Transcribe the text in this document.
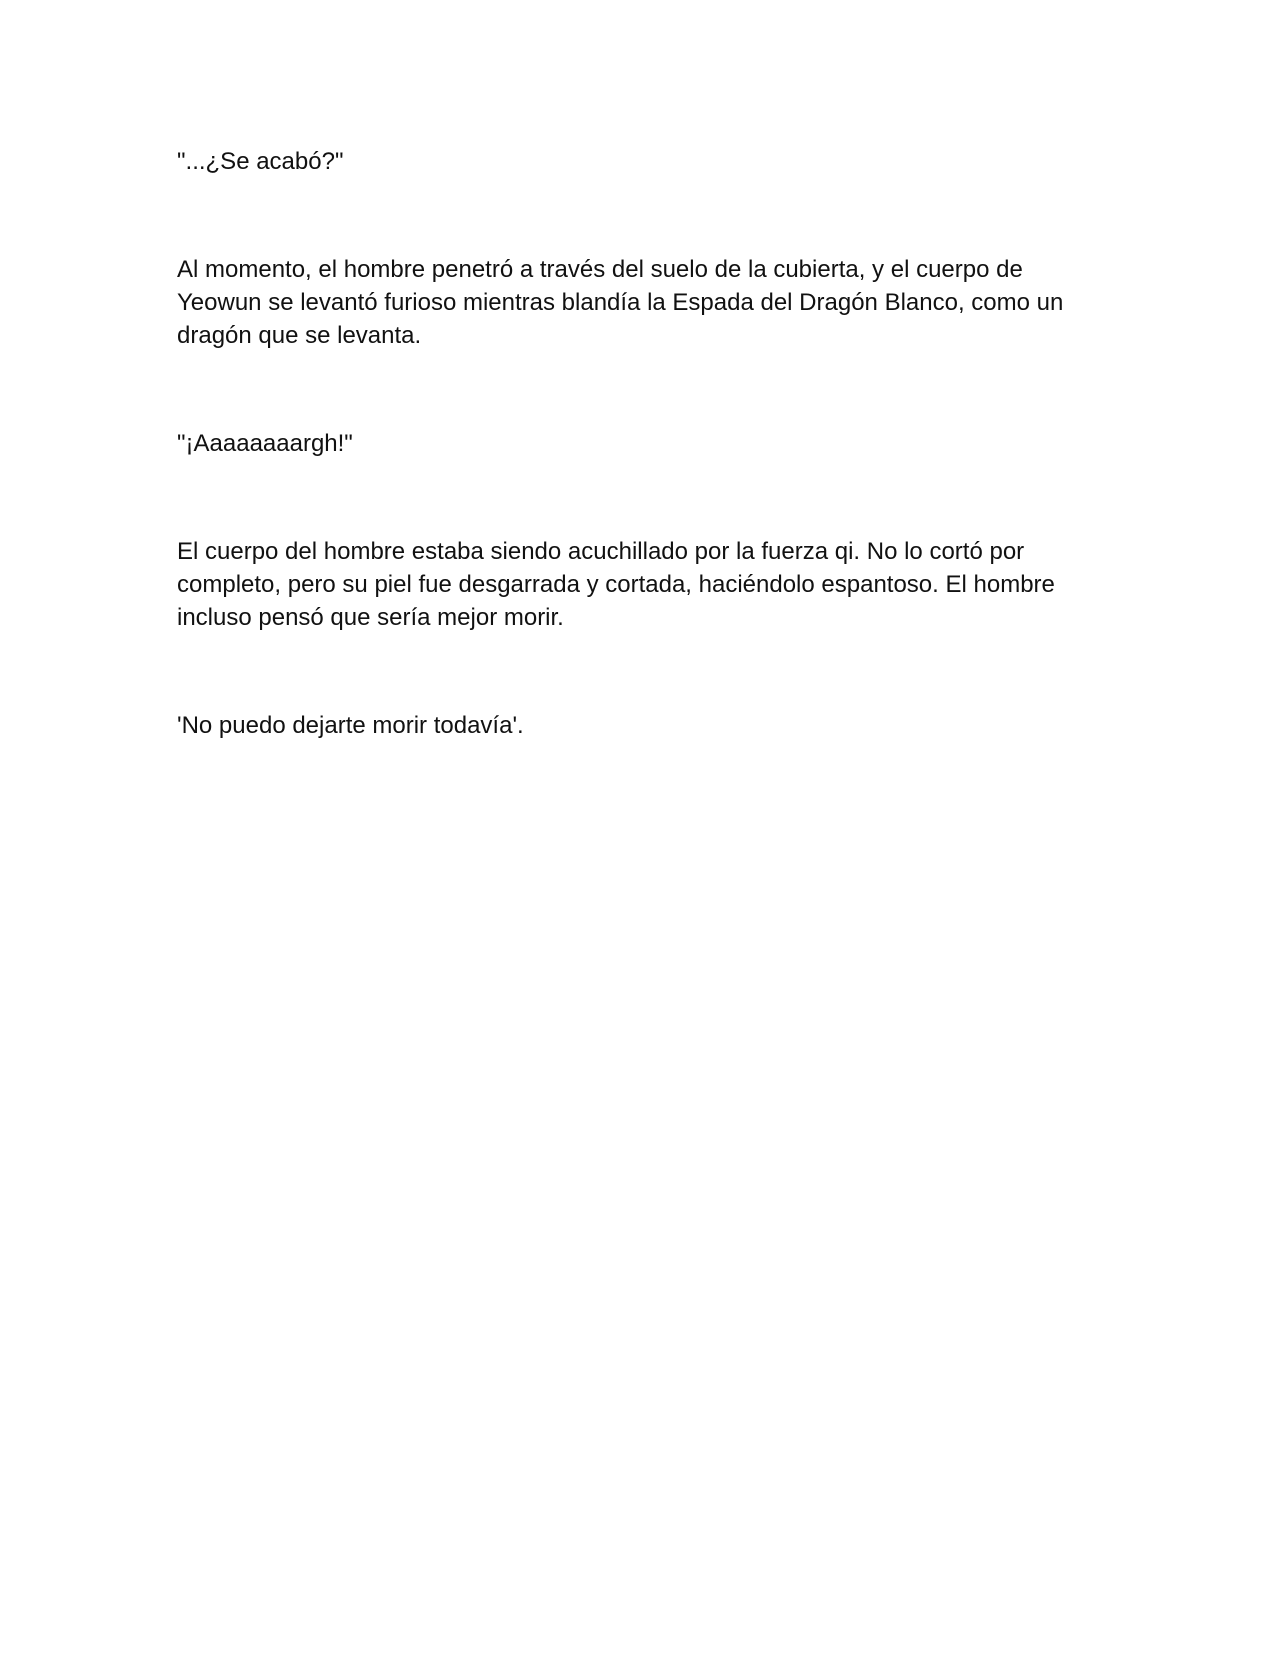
"...¿Se acabó?"

Al momento, el hombre penetró a través del suelo de la cubierta, y el cuerpo de Yeowun se levantó furioso mientras blandía la Espada del Dragón Blanco, como un dragón que se levanta.

"¡Aaaaaaaargh!"

El cuerpo del hombre estaba siendo acuchillado por la fuerza qi. No lo cortó por completo, pero su piel fue desgarrada y cortada, haciéndolo espantoso. El hombre incluso pensó que sería mejor morir.

'No puedo dejarte morir todavía'.
